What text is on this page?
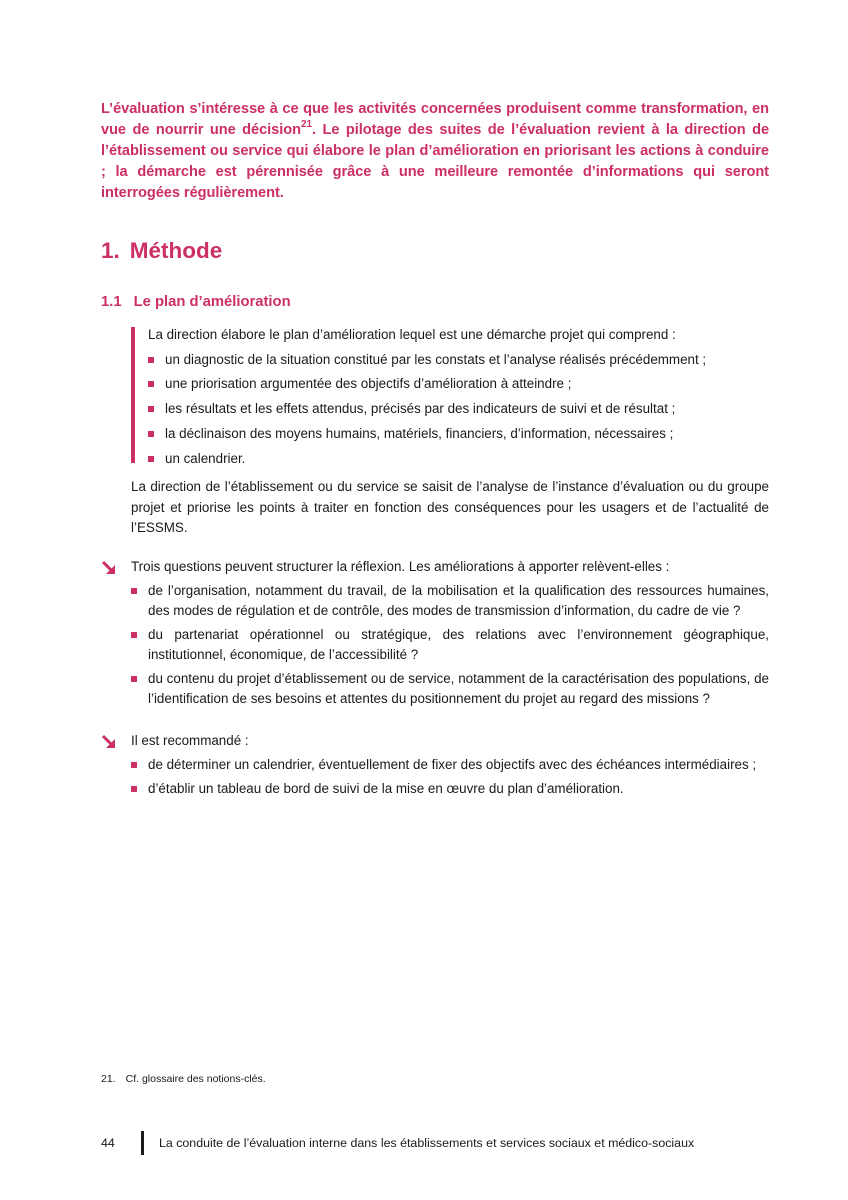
L’évaluation s’intéresse à ce que les activités concernées produisent comme transformation, en vue de nourrir une décision$^{21}$. Le pilotage des suites de l’évaluation revient à la direction de l’établissement ou service qui élabore le plan d’amélioration en priorisant les actions à conduire ; la démarche est pérennisée grâce à une meilleure remontée d’informations qui seront interrogées régulièrement.
1. Méthode
1.1 Le plan d’amélioration
La direction élabore le plan d’amélioration lequel est une démarche projet qui comprend :
un diagnostic de la situation constitué par les constats et l’analyse réalisés précédemment ;
une priorisation argumentée des objectifs d’amélioration à atteindre ;
les résultats et les effets attendus, précisés par des indicateurs de suivi et de résultat ;
la déclinaison des moyens humains, matériels, financiers, d’information, nécessaires ;
un calendrier.
La direction de l’établissement ou du service se saisit de l’analyse de l’instance d’évaluation ou du groupe projet et priorise les points à traiter en fonction des conséquences pour les usagers et de l’actualité de l’ESSMS.
Trois questions peuvent structurer la réflexion. Les améliorations à apporter relèvent-elles :
de l’organisation, notamment du travail, de la mobilisation et la qualification des ressources humaines, des modes de régulation et de contrôle, des modes de transmission d’information, du cadre de vie ?
du partenariat opérationnel ou stratégique, des relations avec l’environnement géographique, institutionnel, économique, de l’accessibilité ?
du contenu du projet d’établissement ou de service, notamment de la caractérisation des populations, de l’identification de ses besoins et attentes du positionnement du projet au regard des missions ?
Il est recommandé :
de déterminer un calendrier, éventuellement de fixer des objectifs avec des échéances intermédiaires ;
d’établir un tableau de bord de suivi de la mise en œuvre du plan d’amélioration.
21. Cf. glossaire des notions-clés.
44	La conduite de l’évaluation interne dans les établissements et services sociaux et médico-sociaux
